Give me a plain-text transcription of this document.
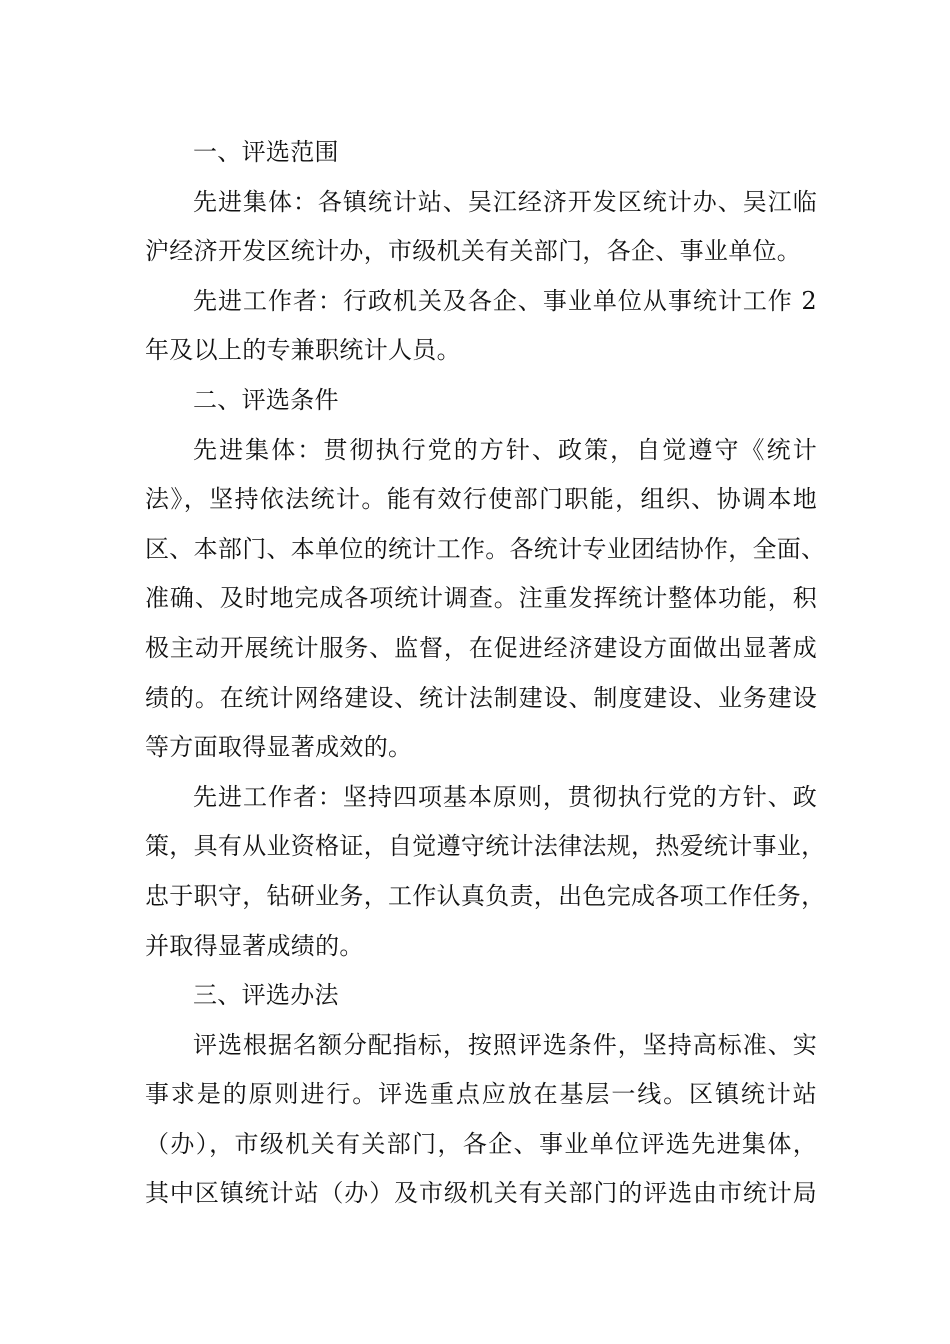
一、评选范围
先进集体：各镇统计站、吴江经济开发区统计办、吴江临
沪经济开发区统计办，市级机关有关部门，各企、事业单位。
先进工作者：行政机关及各企、事业单位从事统计工作 2
年及以上的专兼职统计人员。
二、评选条件
先进集体：贯彻执行党的方针、政策，自觉遵守《统计
法》，坚持依法统计。能有效行使部门职能，组织、协调本地
区、本部门、本单位的统计工作。各统计专业团结协作，全面、
准确、及时地完成各项统计调查。注重发挥统计整体功能，积
极主动开展统计服务、监督，在促进经济建设方面做出显著成
绩的。在统计网络建设、统计法制建设、制度建设、业务建设
等方面取得显著成效的。
先进工作者：坚持四项基本原则，贯彻执行党的方针、政
策，具有从业资格证，自觉遵守统计法律法规，热爱统计事业，
忠于职守，钻研业务，工作认真负责，出色完成各项工作任务，
并取得显著成绩的。
三、评选办法
评选根据名额分配指标，按照评选条件，坚持高标准、实
事求是的原则进行。评选重点应放在基层一线。区镇统计站
（办），市级机关有关部门，各企、事业单位评选先进集体，
其中区镇统计站（办）及市级机关有关部门的评选由市统计局
